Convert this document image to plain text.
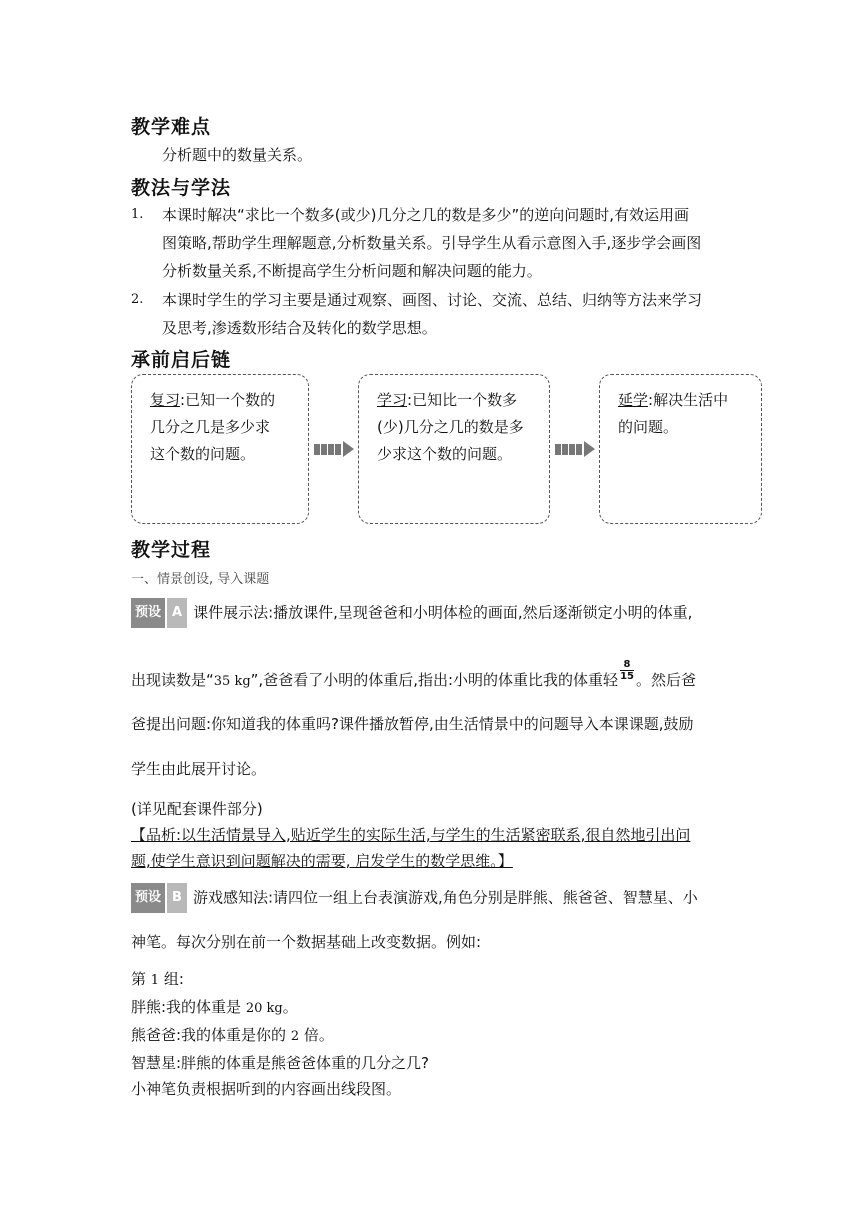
教学难点
分析题中的数量关系。
教法与学法
1.	本课时解决“求比一个数多(或少)几分之几的数是多少”的逆向问题时,有效运用画
图策略,帮助学生理解题意,分析数量关系。引导学生从看示意图入手,逐步学会画图
分析数量关系,不断提高学生分析问题和解决问题的能力。
2.	本课时学生的学习主要是通过观察、画图、讨论、交流、总结、归纳等方法来学习
及思考,渗透数形结合及转化的数学思想。
承前启后链
复习:已知一个数的
几分之几是多少求
这个数的问题。
学习:已知比一个数多
(少)几分之几的数是多
少求这个数的问题。
延学:解决生活中
的问题。
教学过程
一、情景创设, 导入课题
预设 A 课件展示法:播放课件,呈现爸爸和小明体检的画面,然后逐渐锁定小明的体重,
出现读数是“35 kg”,爸爸看了小明的体重后,指出:小明的体重比我的体重轻 $\frac{8}{15}$ 。然后爸
爸提出问题:你知道我的体重吗?课件播放暂停,由生活情景中的问题导入本课课题,鼓励
学生由此展开讨论。
(详见配套课件部分)
【品析:以生活情景导入,贴近学生的实际生活,与学生的生活紧密联系,很自然地引出问
题,使学生意识到问题解决的需要, 启发学生的数学思维。】
预设 B 游戏感知法:请四位一组上台表演游戏,角色分别是胖熊、熊爸爸、智慧星、小
神笔。每次分别在前一个数据基础上改变数据。例如:
第 1 组:
胖熊:我的体重是 20 kg。
熊爸爸:我的体重是你的 2 倍。
智慧星:胖熊的体重是熊爸爸体重的几分之几?
小神笔负责根据听到的内容画出线段图。
